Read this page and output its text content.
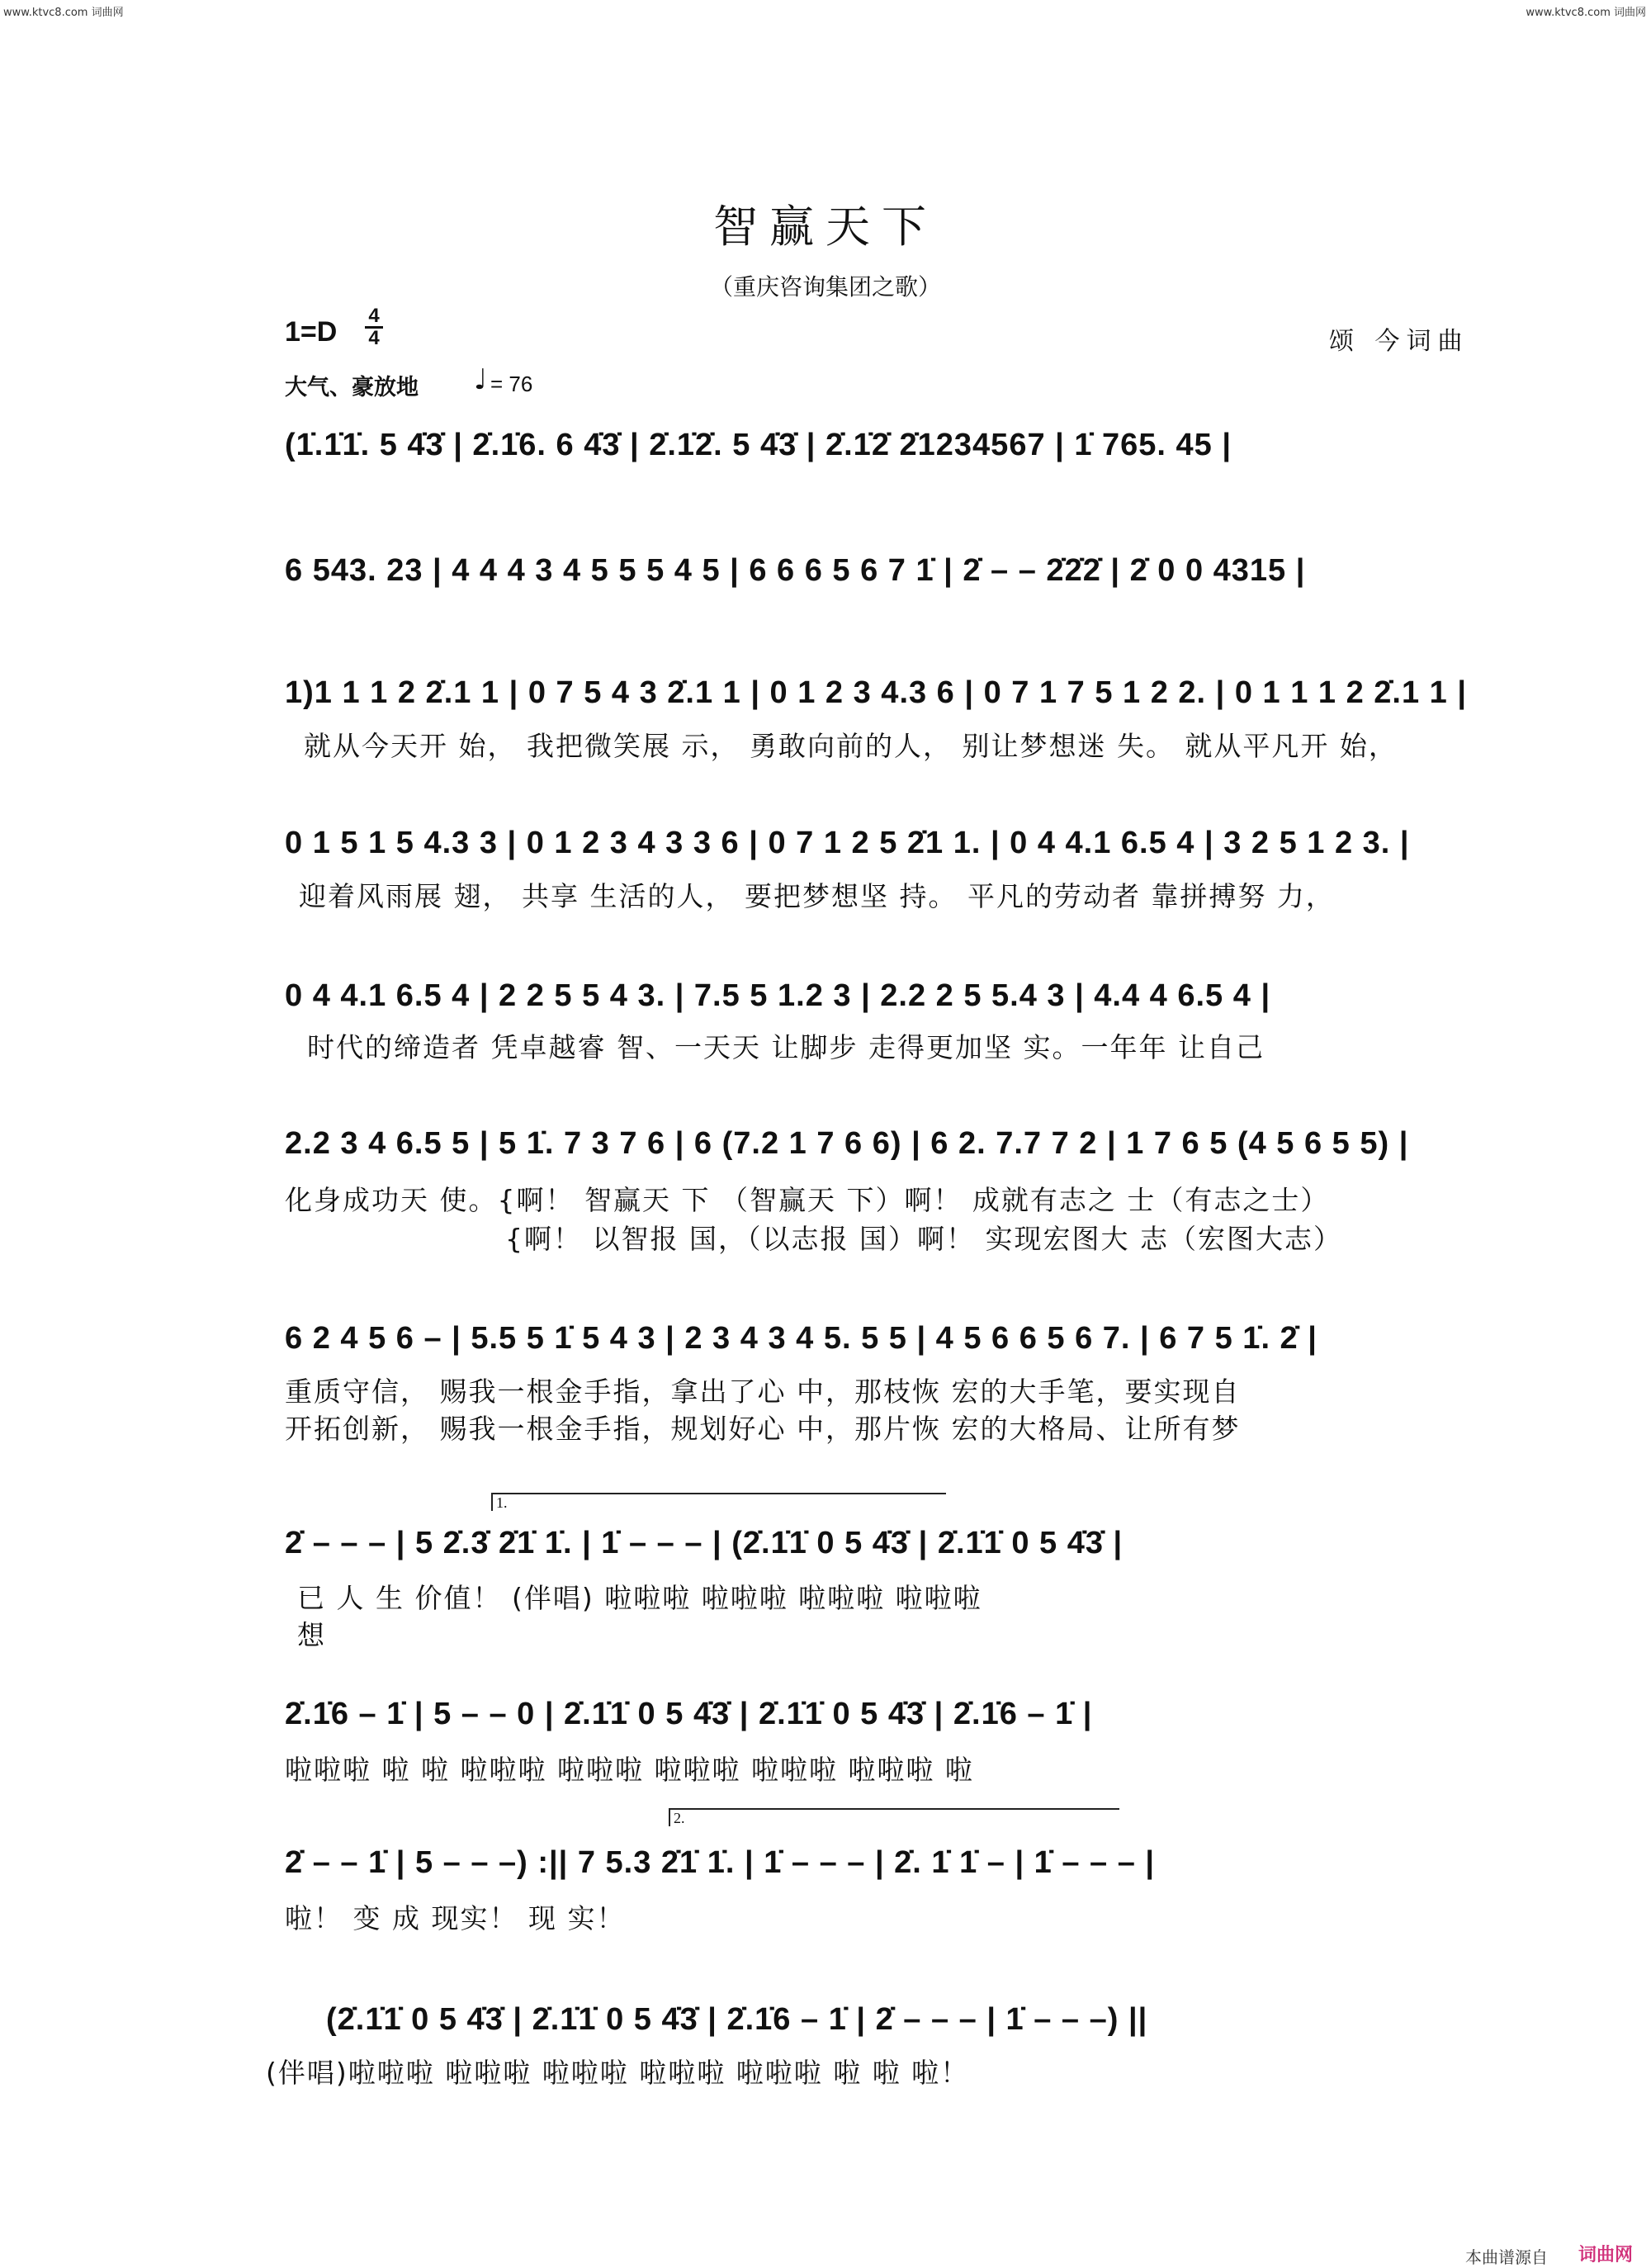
www.ktvc8.com 词曲网	www.ktvc8.com 词曲网
智赢天下
（重庆咨询集团之歌）
1=D
4
4	颂 今词曲
大气、豪放地 ♩ = 76
(1̇.1̇1̇. 5 4̇3̇ | 2̇.1̇6. 6 4̇3̇ | 2̇.1̇2̇. 5 4̇3̇ | 2̇.1̇2̇ 2̇1234567 | 1̇ 765. 45 |
6 543. 23 | 4 4 4 3 4 5 5 5 4 5 | 6 6 6 5 6 7 1̇ | 2̇ – – 2̇2̇2̇ | 2̇ 0 0 4315 |
1)1 1 1 2 2̇.1 1 | 0 7 5 4 3 2̇.1 1 | 0 1 2 3 4.3 6 | 0 7 1 7 5 1 2 2. | 0 1 1 1 2 2̇.1 1 |
就从今天开 始， 我把微笑展 示， 勇敢向前的人， 别让梦想迷 失。 就从平凡开 始，
0 1 5 1 5 4.3 3 | 0 1 2 3 4 3 3 6 | 0 7 1 2 5 2̇1 1. | 0 4 4.1 6.5 4 | 3 2 5 1 2 3. |
迎着风雨展 翅， 共享 生活的人， 要把梦想坚 持。 平凡的劳动者 靠拼搏努 力，
0 4 4.1 6.5 4 | 2 2 5 5 4 3. | 7.5 5 1.2 3 | 2.2 2 5 5.4 3 | 4.4 4 6.5 4 |
时代的缔造者 凭卓越睿 智、一天天 让脚步 走得更加坚 实。一年年 让自己
2.2 3 4 6.5 5 | 5 1̇. 7 3 7 6 | 6 (7.2 1 7 6 6) | 6 2. 7.7 7 2 | 1 7 6 5 (4 5 6 5 5) |
化身成功天 使。{啊！ 智赢天 下 （智赢天 下）啊！ 成就有志之 士（有志之士）
{啊！ 以智报 国，（以志报 国）啊！ 实现宏图大 志（宏图大志）
6 2 4 5 6 – | 5.5 5 1̇ 5 4 3 | 2 3 4 3 4 5. 5 5 | 4 5 6 6 5 6 7. | 6 7 5 1̇. 2̇ |
重质守信， 赐我一根金手指，拿出了心 中，那枝恢 宏的大手笔，要实现自
开拓创新， 赐我一根金手指，规划好心 中，那片恢 宏的大格局、让所有梦
1.
2̇ – – – | 5 2̇.3̇ 2̇1̇ 1̇. | 1̇ – – – | (2̇.1̇1̇ 0 5 4̇3̇ | 2̇.1̇1̇ 0 5 4̇3̇ |
已 人 生 价值！ (伴唱) 啦啦啦 啦啦啦 啦啦啦 啦啦啦
想
2̇.1̇6 – 1̇ | 5 – – 0 | 2̇.1̇1̇ 0 5 4̇3̇ | 2̇.1̇1̇ 0 5 4̇3̇ | 2̇.1̇6 – 1̇ |
啦啦啦 啦 啦 啦啦啦 啦啦啦 啦啦啦 啦啦啦 啦啦啦 啦
2.
2̇ – – 1̇ | 5 – – –) :|| 7 5.3 2̇1̇ 1̇. | 1̇ – – – | 2̇. 1̇ 1̇ – | 1̇ – – – |
啦！ 变 成 现实！ 现 实！
(2̇.1̇1̇ 0 5 4̇3̇ | 2̇.1̇1̇ 0 5 4̇3̇ | 2̇.1̇6 – 1̇ | 2̇ – – – | 1̇ – – –) ||
(伴唱)啦啦啦 啦啦啦 啦啦啦 啦啦啦 啦啦啦 啦 啦 啦！
本曲谱源自 词曲网
